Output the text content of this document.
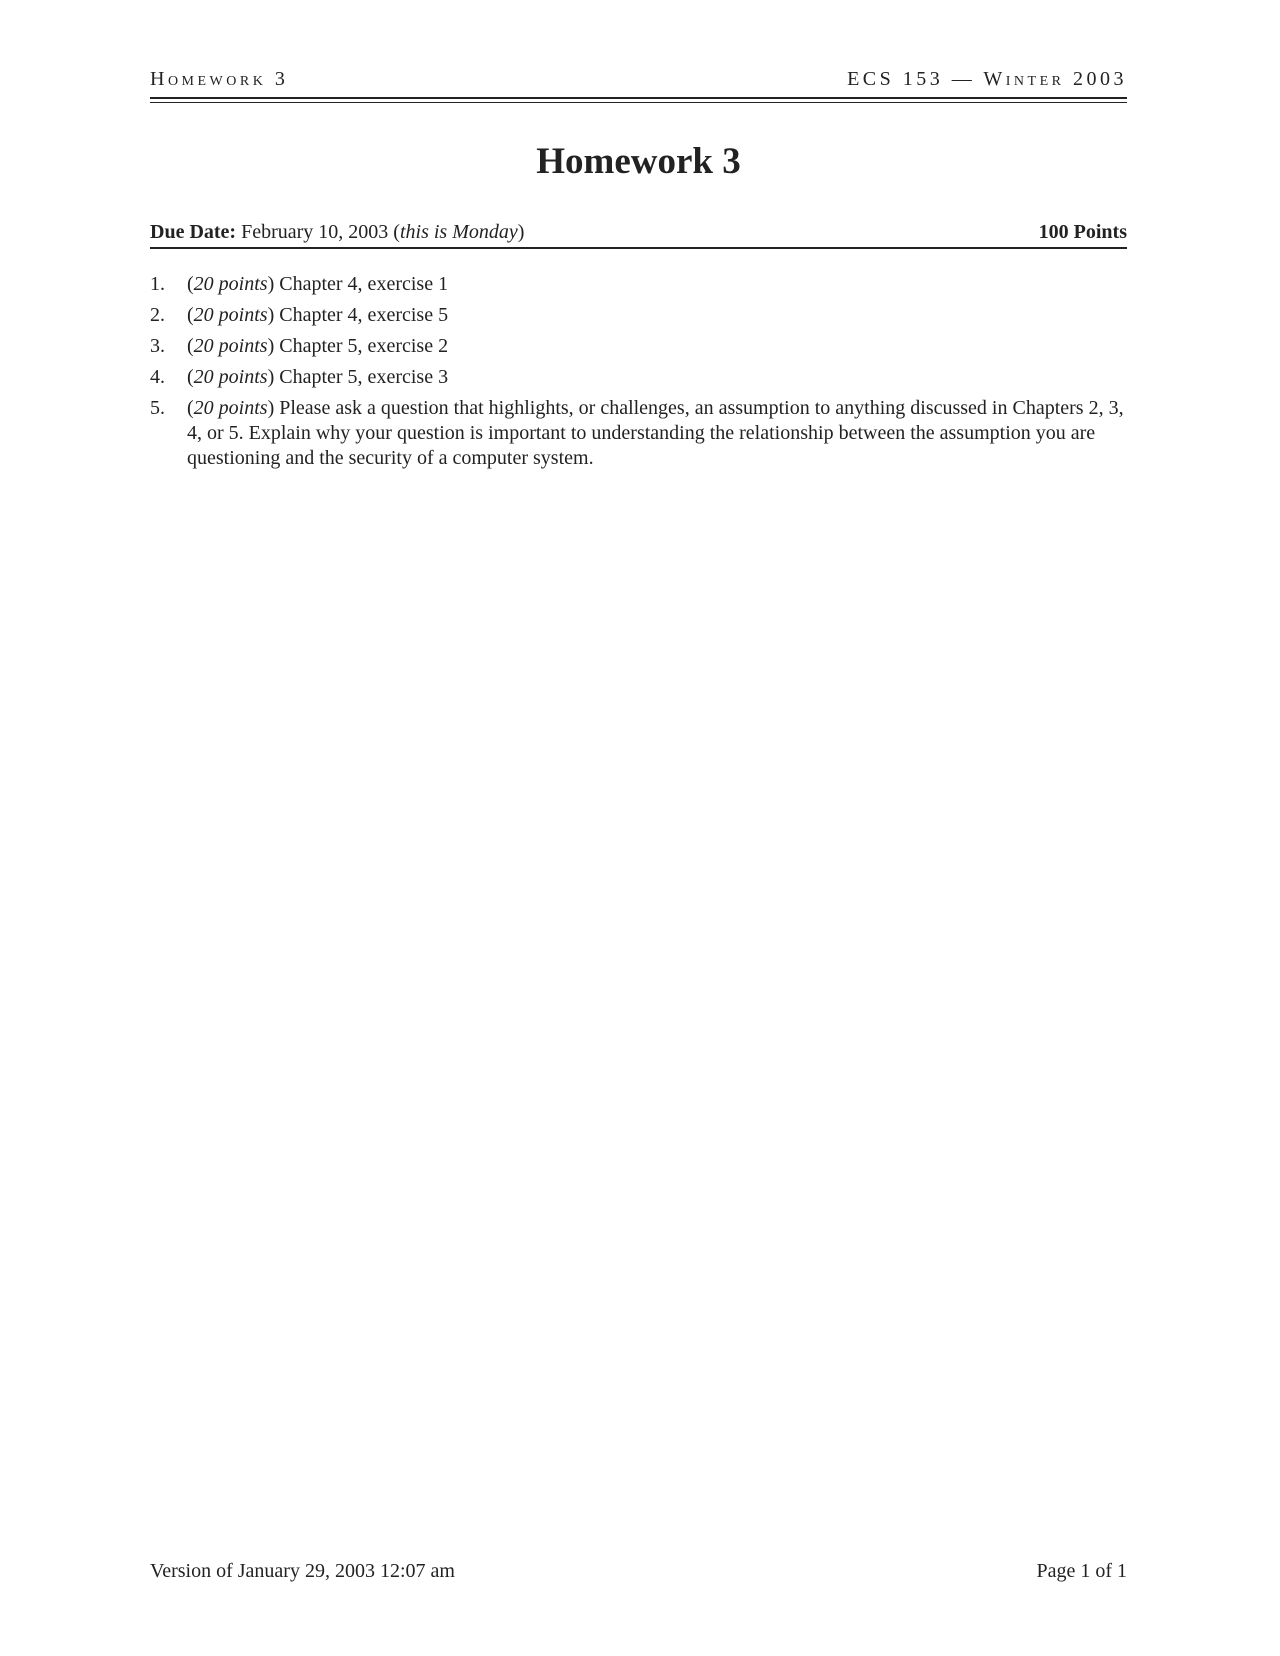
Homework 3	ECS 153 — Winter 2003
Homework 3
Due Date: February 10, 2003 (this is Monday)	100 Points
1.	(20 points) Chapter 4, exercise 1
2.	(20 points) Chapter 4, exercise 5
3.	(20 points) Chapter 5, exercise 2
4.	(20 points) Chapter 5, exercise 3
5.	(20 points) Please ask a question that highlights, or challenges, an assumption to anything discussed in Chapters 2, 3, 4, or 5. Explain why your question is important to understanding the relationship between the assumption you are questioning and the security of a computer system.
Version of January 29, 2003 12:07 am	Page 1 of 1
